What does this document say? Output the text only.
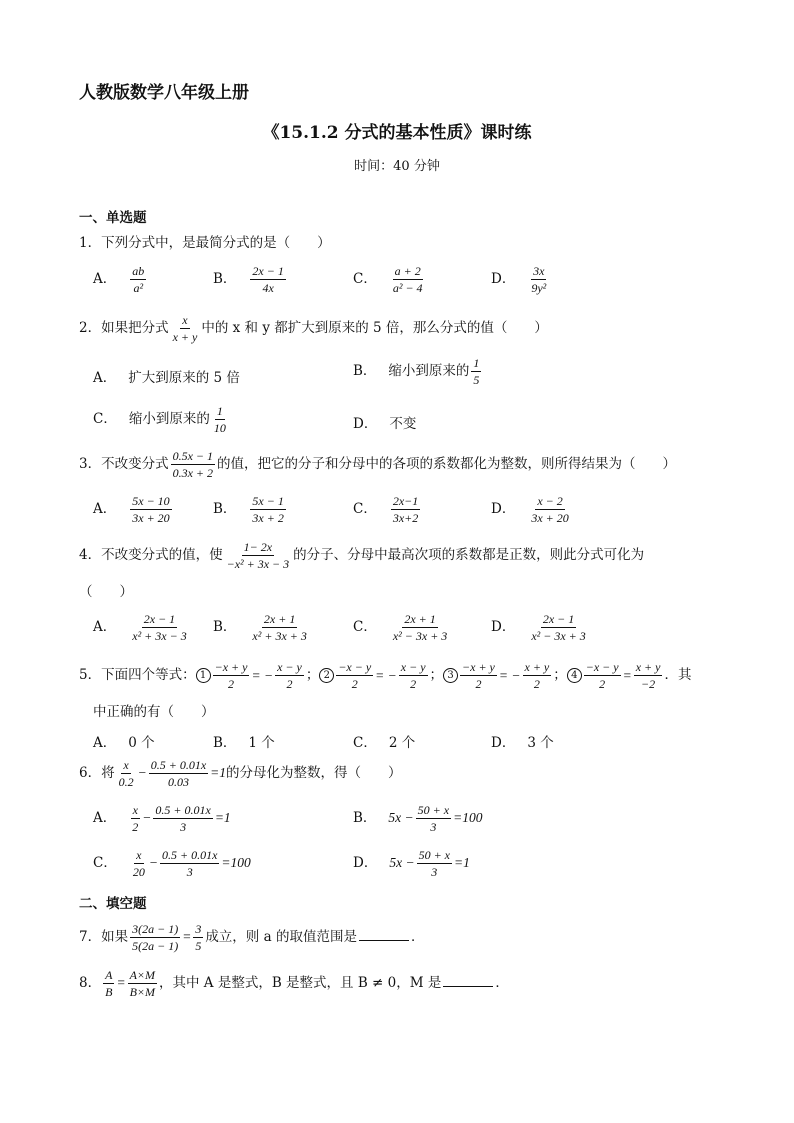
人教版数学八年级上册
《15.1.2 分式的基本性质》课时练
时间：40 分钟
一、单选题
1．下列分式中，是最简分式的是（　　）
A． $\frac{ab}{\text{a²}}$	B． $\frac{2x - 1}{4x}$	C． $\frac{a + 2}{\text{a² − 4}}$	D． $\frac{3x}{\text{9y²}}$
2．如果把分式 $\frac{x}{x + y}$ 中的 x 和 y 都扩大到原来的 5 倍，那么分式的值（　　）
A． 扩大到原来的 5 倍	B． 缩小到原来的 $\frac{1}{5}$
C． 缩小到原来的 $\frac{1}{10}$	D． 不变
3．不改变分式 $\frac{0.5x - 1}{0.3x + 2}$ 的值，把它的分子和分母中的各项的系数都化为整数，则所得结果为（　　）
A． $\frac{5x - 10}{3x + 20}$	B． $\frac{5x - 1}{3x + 2}$	C． $\frac{2x-1}{3x+2}$	D． $\frac{x - 2}{3x + 20}$
4．不改变分式的值，使 $\frac{1- 2x}{\text{−x² + 3x − 3}}$ 的分子、分母中最高次项的系数都是正数，则此分式可化为
（　　）
A． $\frac{2x - 1}{\text{x² + 3x − 3}}$ B． $\frac{2x + 1}{\text{x² + 3x + 3}}$	C． $\frac{2x + 1}{\text{x² − 3x + 3}}$	D． $\frac{2x - 1}{\text{x² − 3x + 3}}$
5．下面四个等式： $1 \frac{-x + y}{2}$ = − $\frac{x - y}{2}$ ； $2 \frac{-x - y}{2}$ = − $\frac{x - y}{2}$ ； $3 \frac{-x + y}{2}$ = − $\frac{x + y}{2}$ ； $4 \frac{-x - y}{2} = \frac{x + y}{-2}$ ．其
中正确的有（　　）
A． 0 个	B． 1 个	C． 2 个	D． 3 个
6．将 $\frac{x}{0.2} - \frac{0.5 + 0.01x}{0.03} =1$的分母化为整数，得（　　）
A． $\frac{x}{2} - \frac{0.5 + 0.01x}{3} =1$	B． $5x - \frac{50 + x}{3} =100$
C． $\frac{x}{20} - \frac{0.5 + 0.01x}{3} =100$	D． $5x - \frac{50 + x}{3} =1$
二、填空题
7．如果 $\frac{3(2a - 1)}{5(2a - 1)} = \frac{3}{5}$ 成立，则 a 的取值范围是	．
8． $\frac{A}{B} = \frac{A\times M}{B\times M}$ ，其中 A 是整式，B 是整式，且 B ≠ 0，M 是	．
